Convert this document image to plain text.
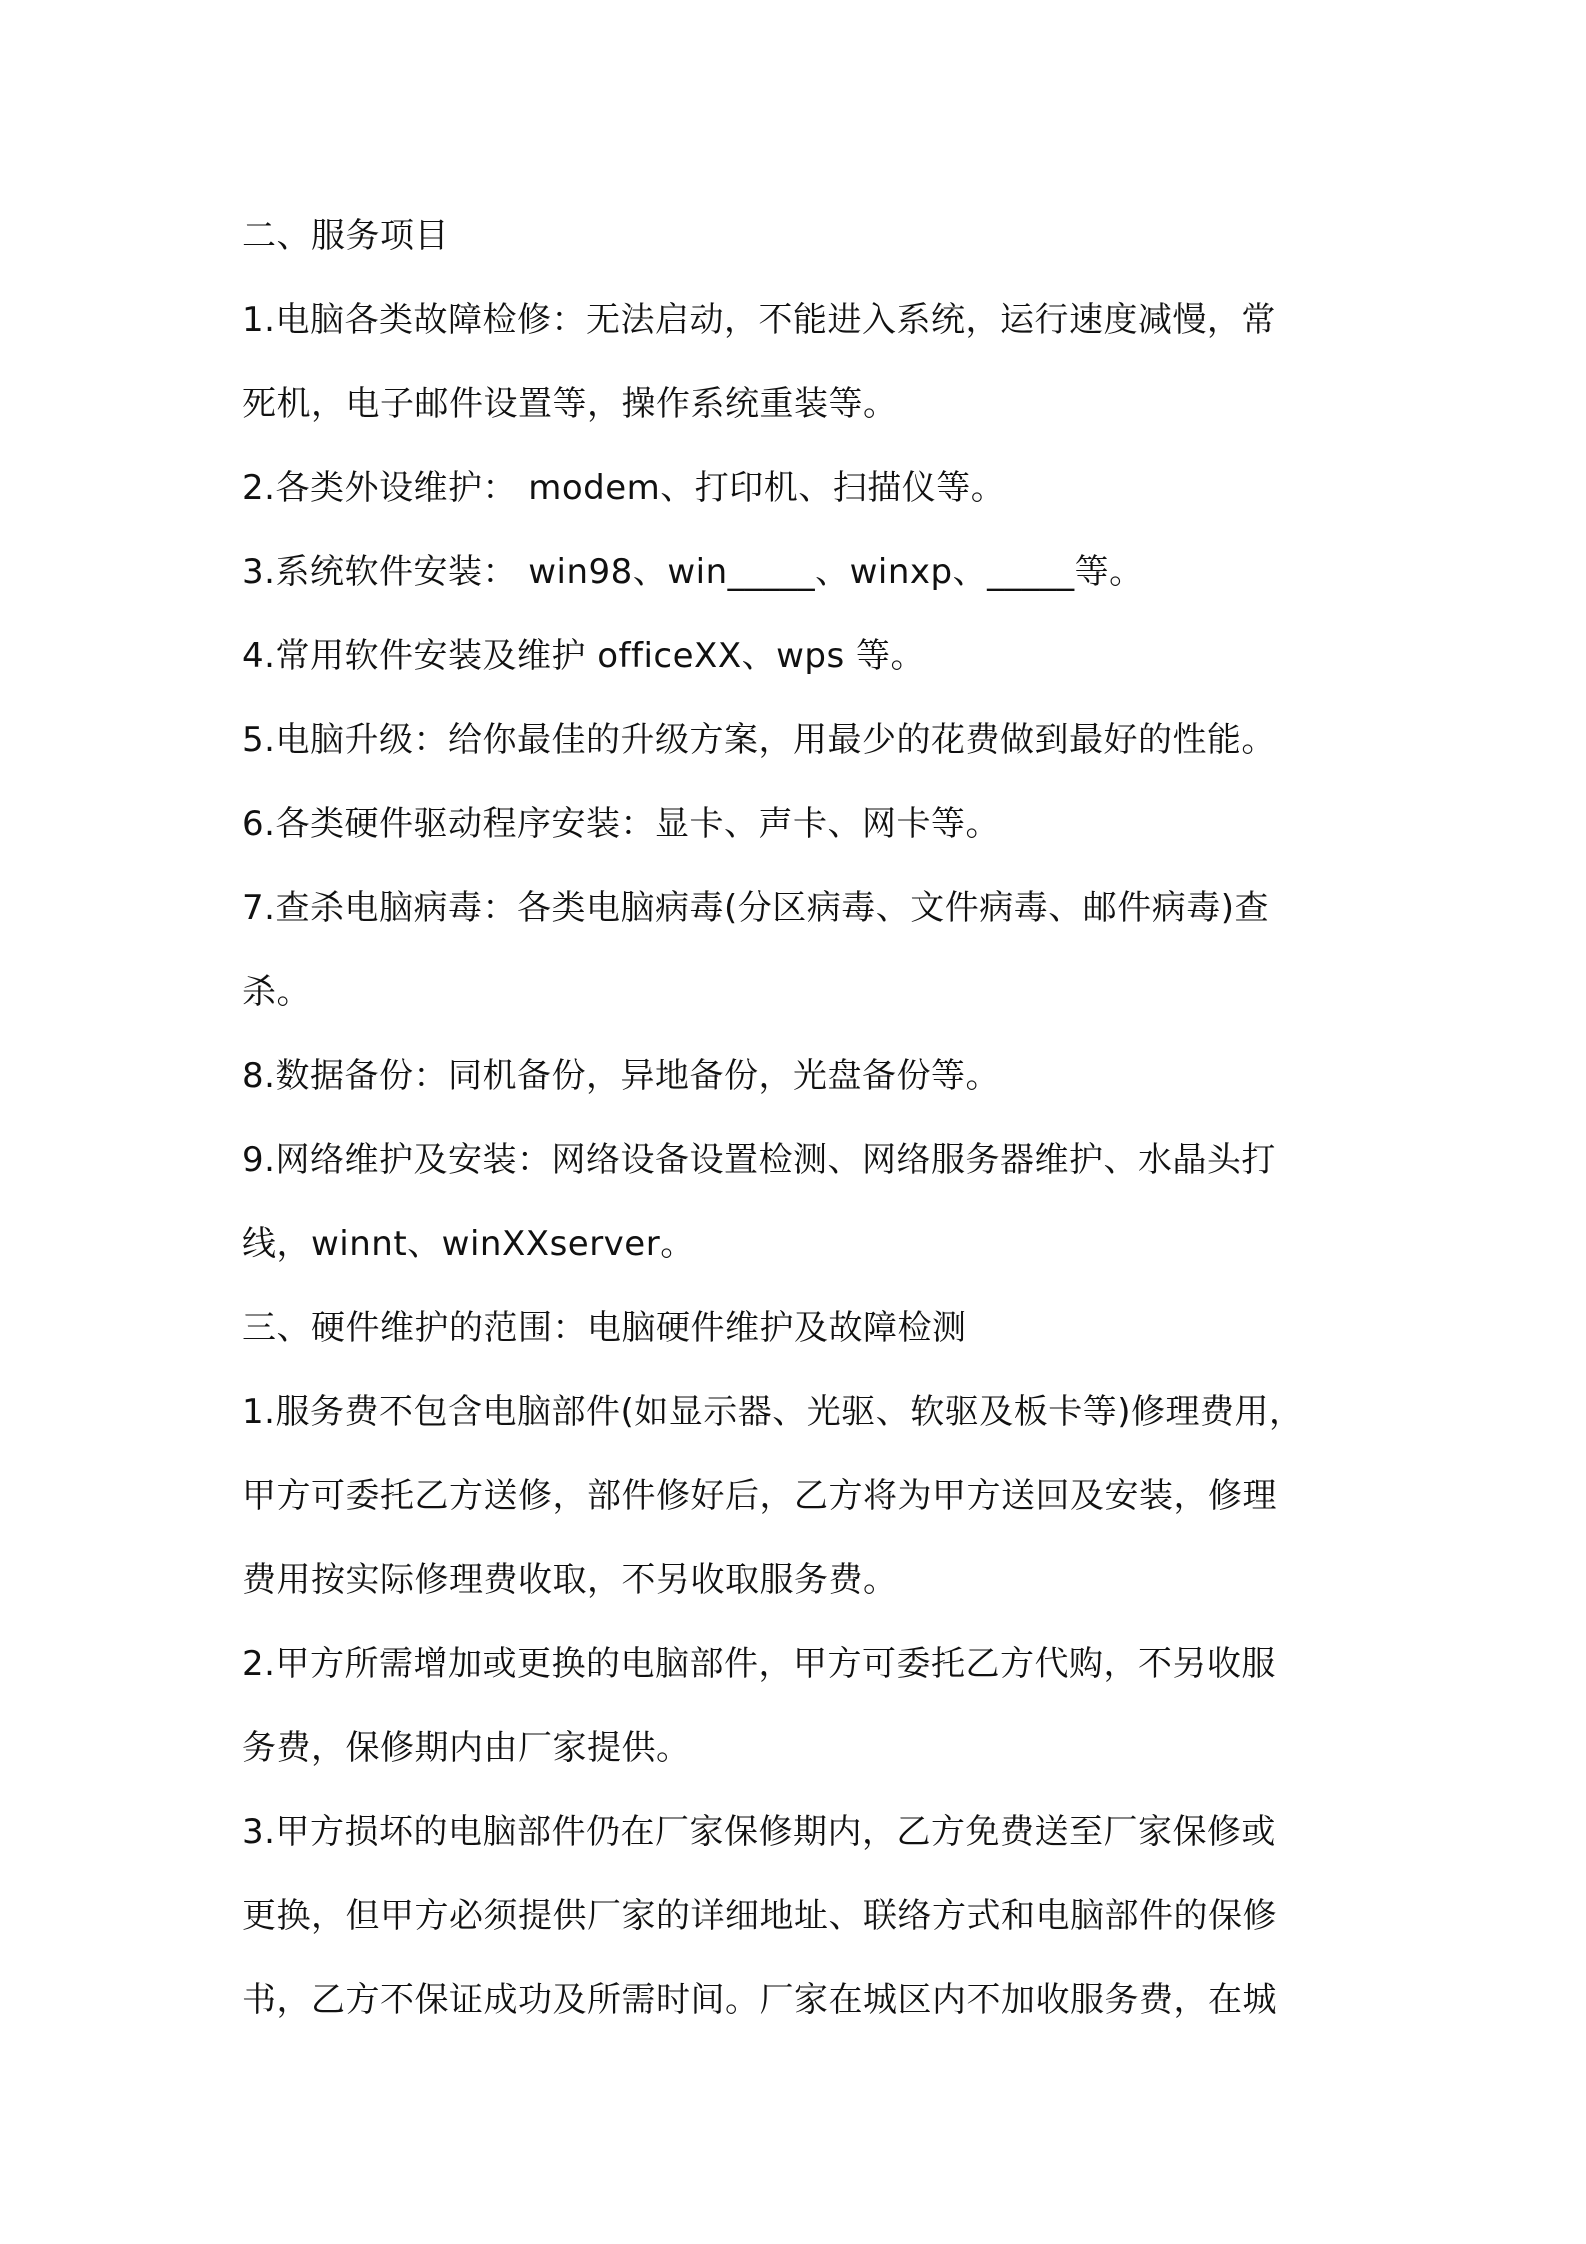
二、服务项目
1.电脑各类故障检修：无法启动，不能进入系统，运行速度减慢，常
死机，电子邮件设置等，操作系统重装等。
2.各类外设维护： modem、打印机、扫描仪等。
3.系统软件安装： win98、win_____、winxp、_____等。
4.常用软件安装及维护 officeXX、wps 等。
5.电脑升级：给你最佳的升级方案，用最少的花费做到最好的性能。
6.各类硬件驱动程序安装：显卡、声卡、网卡等。
7.查杀电脑病毒：各类电脑病毒(分区病毒、文件病毒、邮件病毒)查
杀。
8.数据备份：同机备份，异地备份，光盘备份等。
9.网络维护及安装：网络设备设置检测、网络服务器维护、水晶头打
线，winnt、winXXserver。
三、硬件维护的范围：电脑硬件维护及故障检测
1.服务费不包含电脑部件(如显示器、光驱、软驱及板卡等)修理费用，
甲方可委托乙方送修，部件修好后，乙方将为甲方送回及安装，修理
费用按实际修理费收取，不另收取服务费。
2.甲方所需增加或更换的电脑部件，甲方可委托乙方代购，不另收服
务费，保修期内由厂家提供。
3.甲方损坏的电脑部件仍在厂家保修期内，乙方免费送至厂家保修或
更换，但甲方必须提供厂家的详细地址、联络方式和电脑部件的保修
书，乙方不保证成功及所需时间。厂家在城区内不加收服务费，在城
